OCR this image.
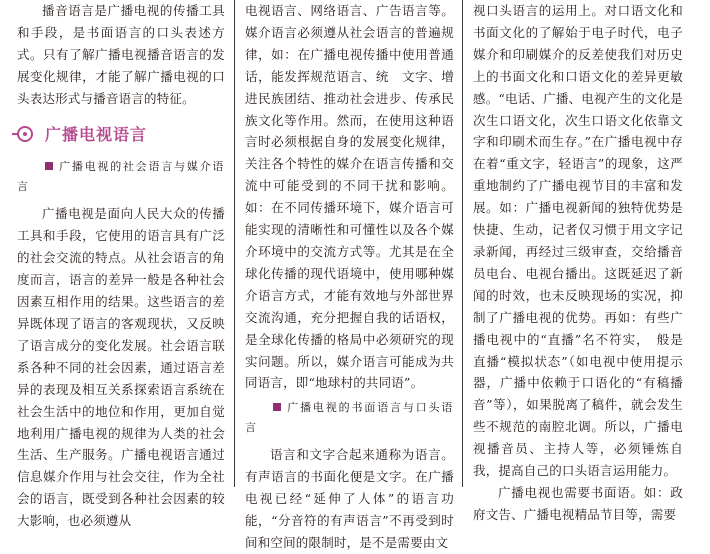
播音语言是广播电视的传播工具和手段，是书面语言的口头表述方式。只有了解广播电视播音语言的发展变化规律，才能了解广播电视的口头表达形式与播音语言的特征。

广播电视语言
广播电视的社会语言与媒介语言

广播电视是面向人民大众的传播工具和手段，它使用的语言具有广泛的社会交流的特点。从社会语言的角度而言，语言的差异一般是各种社会因素互相作用的结果。这些语言的差异既体现了语言的客观现状，又反映了语言成分的变化发展。社会语言联系各种不同的社会因素，通过语言差异的表现及相互关系探索语言系统在社会生活中的地位和作用，更加自觉地利用广播电视的规律为人类的社会生活、生产服务。广播电视语言通过信息媒介作用与社会交往，作为全社会的语言，既受到各种社会因素的较大影响，也必须遵从

电视语言、网络语言、广告语言等。媒介语言必须遵从社会语言的普遍规律，如：在广播电视传播中使用普通话，能发挥规范语言、统　文字、增进民族团结、推动社会进步、传承民族文化等作用。然而，在使用这种语言时必须根据自身的发展变化规律，关注各个特性的媒介在语言传播和交流中可能受到的不同干扰和影响。如：在不同传播环境下，媒介语言可能实现的清晰性和可懂性以及各个媒介环境中的交流方式等。尤其是在全球化传播的现代语境中，使用哪种媒介语言方式，才能有效地与外部世界交流沟通，充分把握自我的话语权，是全球化传播的格局中必须研究的现实问题。所以，媒介语言可能成为共同语言，即“地球村的共同语”。

广播电视的书面语言与口头语言

语言和文字合起来通称为语言。有声语言的书面化便是文字。在广播电视已经“延伸了人体”的语言功能，“分音符的有声语言”不再受到时间和空间的限制时，是不是需要由文

视口头语言的运用上。对口语文化和书面文化的了解始于电子时代，电子媒介和印刷媒介的反差使我们对历史上的书面文化和口语文化的差异更敏感。“电话、广播、电视产生的文化是次生口语文化，次生口语文化依靠文字和印刷术而生存。”在广播电视中存在着“重文字，轻语言”的现象，这严重地制约了广播电视节目的丰富和发展。如：广播电视新闻的独特优势是快捷、生动，记者仅习惯于用文字记录新闻，再经过三级审查，交给播音员电台、电视台播出。这既延迟了新闻的时效，也未反映现场的实况，抑制了广播电视的优势。再如：有些广播电视中的“直播”名不符实，　般是直播“模拟状态”（如电视中使用提示器，广播中依赖于口语化的“有稿播音”等），如果脱离了稿件，就会发生　些不规范的南腔北调。所以，广播电视播音员、主持人等，必须锤炼自我，提高自己的口头语言运用能力。

广播电视也需要书面语。如：政府文告、广播电视精品节目等，需要
